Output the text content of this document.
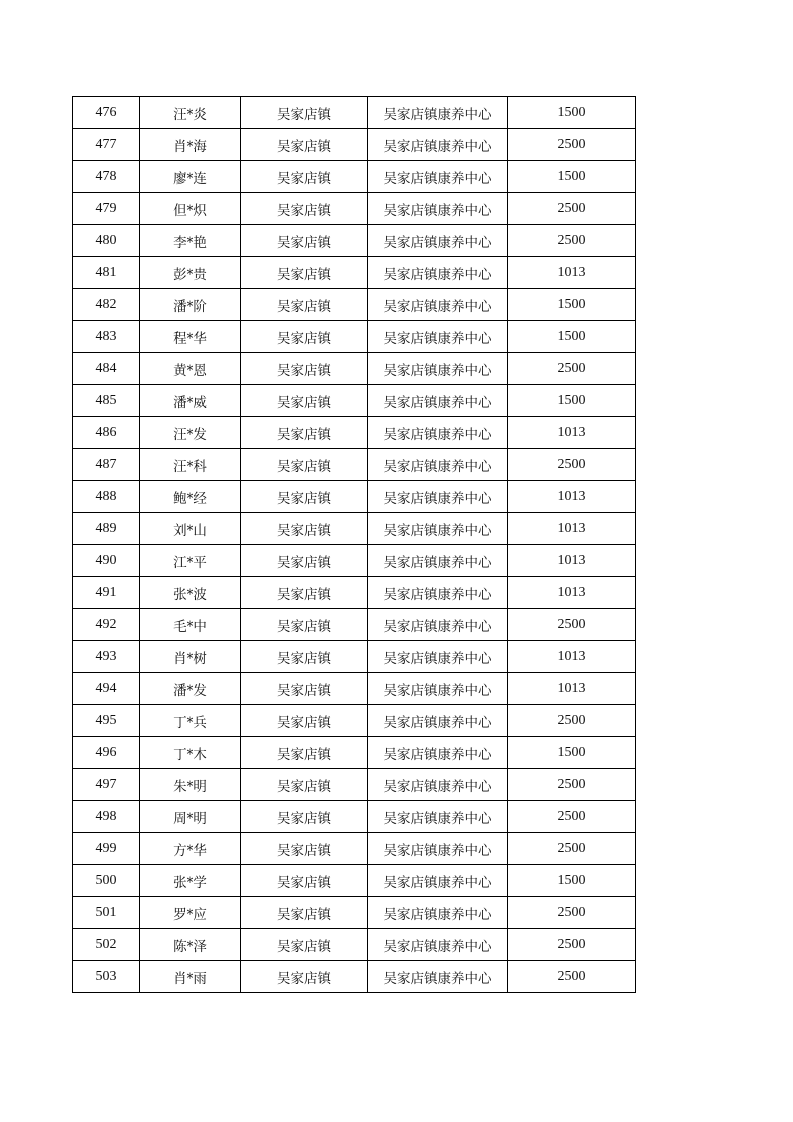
476	汪*炎	吴家店镇	吴家店镇康养中心	1500
477	肖*海	吴家店镇	吴家店镇康养中心	2500
478	廖*连	吴家店镇	吴家店镇康养中心	1500
479	但*炽	吴家店镇	吴家店镇康养中心	2500
480	李*艳	吴家店镇	吴家店镇康养中心	2500
481	彭*贵	吴家店镇	吴家店镇康养中心	1013
482	潘*阶	吴家店镇	吴家店镇康养中心	1500
483	程*华	吴家店镇	吴家店镇康养中心	1500
484	黄*恩	吴家店镇	吴家店镇康养中心	2500
485	潘*威	吴家店镇	吴家店镇康养中心	1500
486	汪*发	吴家店镇	吴家店镇康养中心	1013
487	汪*科	吴家店镇	吴家店镇康养中心	2500
488	鲍*经	吴家店镇	吴家店镇康养中心	1013
489	刘*山	吴家店镇	吴家店镇康养中心	1013
490	江*平	吴家店镇	吴家店镇康养中心	1013
491	张*波	吴家店镇	吴家店镇康养中心	1013
492	毛*中	吴家店镇	吴家店镇康养中心	2500
493	肖*树	吴家店镇	吴家店镇康养中心	1013
494	潘*发	吴家店镇	吴家店镇康养中心	1013
495	丁*兵	吴家店镇	吴家店镇康养中心	2500
496	丁*木	吴家店镇	吴家店镇康养中心	1500
497	朱*明	吴家店镇	吴家店镇康养中心	2500
498	周*明	吴家店镇	吴家店镇康养中心	2500
499	方*华	吴家店镇	吴家店镇康养中心	2500
500	张*学	吴家店镇	吴家店镇康养中心	1500
501	罗*应	吴家店镇	吴家店镇康养中心	2500
502	陈*泽	吴家店镇	吴家店镇康养中心	2500
503	肖*雨	吴家店镇	吴家店镇康养中心	2500
